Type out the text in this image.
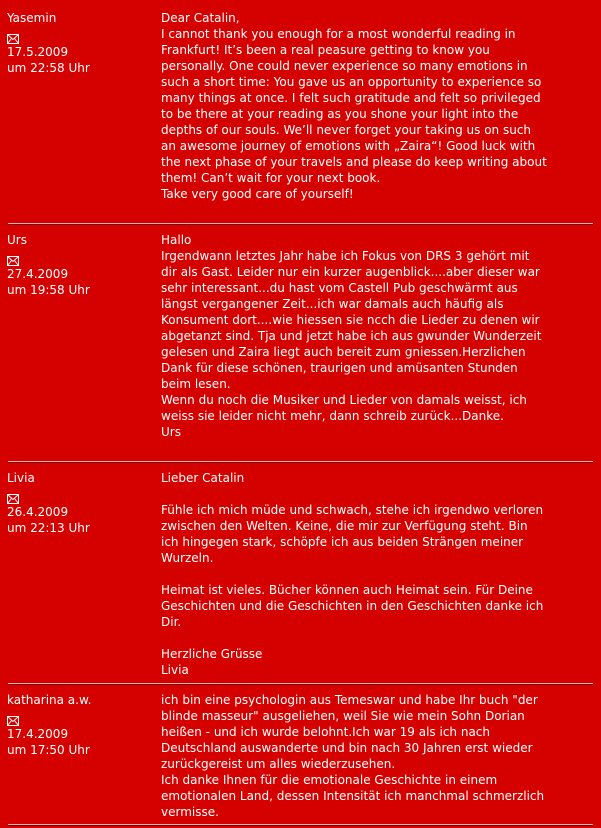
Yasemin
17.5.2009
um 22:58 Uhr
Dear Catalin,
I cannot thank you enough for a most wonderful reading in
Frankfurt! It’s been a real peasure getting to know you
personally. One could never experience so many emotions in
such a short time: You gave us an opportunity to experience so
many things at once. I felt such gratitude and felt so privileged
to be there at your reading as you shone your light into the
depths of our souls. We’ll never forget your taking us on such
an awesome journey of emotions with „Zaira“! Good luck with
the next phase of your travels and please do keep writing about
them! Can’t wait for your next book.
Take very good care of yourself!
Urs
27.4.2009
um 19:58 Uhr
Hallo
Irgendwann letztes Jahr habe ich Fokus von DRS 3 gehört mit
dir als Gast. Leider nur ein kurzer augenblick....aber dieser war
sehr interessant...du hast vom Castell Pub geschwärmt aus
längst vergangener Zeit...ich war damals auch häufig als
Konsument dort....wie hiessen sie ncch die Lieder zu denen wir
abgetanzt sind. Tja und jetzt habe ich aus gwunder Wunderzeit
gelesen und Zaira liegt auch bereit zum gniessen.Herzlichen
Dank für diese schönen, traurigen und amüsanten Stunden
beim lesen.
Wenn du noch die Musiker und Lieder von damals weisst, ich
weiss sie leider nicht mehr, dann schreib zurück...Danke.
Urs
Livia
26.4.2009
um 22:13 Uhr
Lieber Catalin
Fühle ich mich müde und schwach, stehe ich irgendwo verloren
zwischen den Welten. Keine, die mir zur Verfügung steht. Bin
ich hingegen stark, schöpfe ich aus beiden Strängen meiner
Wurzeln.
Heimat ist vieles. Bücher können auch Heimat sein. Für Deine
Geschichten und die Geschichten in den Geschichten danke ich
Dir.
Herzliche Grüsse
Livia
katharina a.w.
17.4.2009
um 17:50 Uhr
ich bin eine psychologin aus Temeswar und habe Ihr buch "der
blinde masseur" ausgeliehen, weil Sie wie mein Sohn Dorian
heißen - und ich wurde belohnt.Ich war 19 als ich nach
Deutschland auswanderte und bin nach 30 Jahren erst wieder
zurückgereist um alles wiederzusehen.
Ich danke Ihnen für die emotionale Geschichte in einem
emotionalen Land, dessen Intensität ich manchmal schmerzlich
vermisse.
